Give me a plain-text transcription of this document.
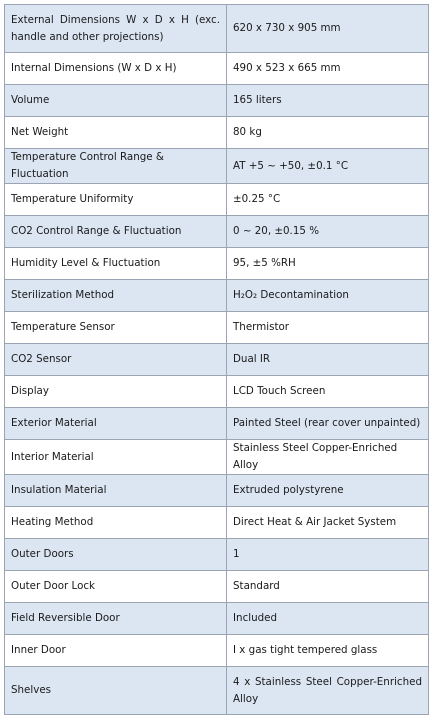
External Dimensions W x D x H (exc. handle and other projections)	620 x 730 x 905 mm
Internal Dimensions (W x D x H)	490 x 523 x 665 mm
Volume	165 liters
Net Weight	80 kg
Temperature Control Range & Fluctuation	AT +5 ~ +50, ±0.1 °C
Temperature Uniformity	±0.25 °C
CO2 Control Range & Fluctuation	0 ~ 20, ±0.15 %
Humidity Level & Fluctuation	95, ±5 %RH
Sterilization Method	H₂O₂ Decontamination
Temperature Sensor	Thermistor
CO2 Sensor	Dual IR
Display	LCD Touch Screen
Exterior Material	Painted Steel (rear cover unpainted)
Interior Material	Stainless Steel Copper-Enriched Alloy
Insulation Material	Extruded polystyrene
Heating Method	Direct Heat & Air Jacket System
Outer Doors	1
Outer Door Lock	Standard
Field Reversible Door	Included
Inner Door	I x gas tight tempered glass
Shelves	4 x Stainless Steel Copper-Enriched Alloy
